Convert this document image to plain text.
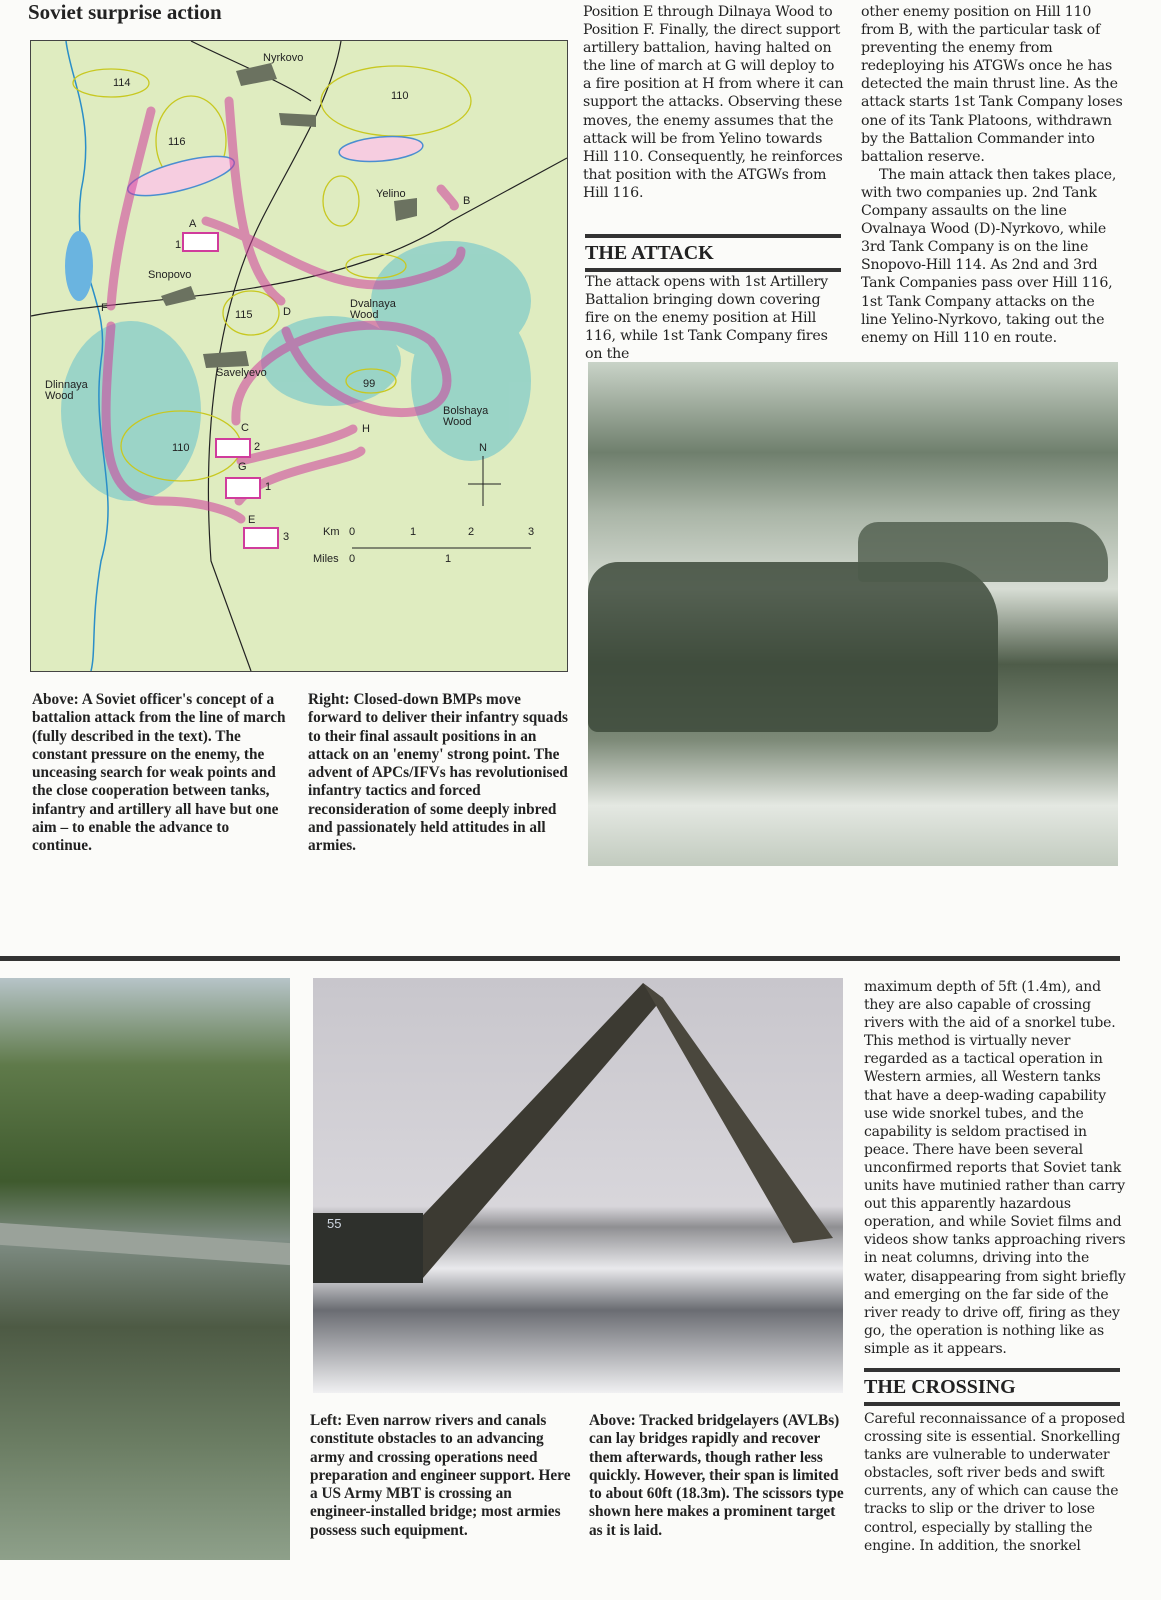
Soviet surprise action
Nyrkovo
114
110
116
Yelino
B
A
1
Snopovo
F
115	D
Dvalnaya
Wood
Savelyevo
Dlinnaya
Wood
99
Bolshaya
Wood
C	H
110	2
G
1
N
E
3	Km 0	1	2	3
Miles 0	1

Position E through Dilnaya Wood to Position F. Finally, the direct support artillery battalion, having halted on the line of march at G will deploy to a fire position at H from where it can support the attacks. Observing these moves, the enemy assumes that the attack will be from Yelino towards Hill 110. Consequently, he reinforces that position with the ATGWs from Hill 116.

THE ATTACK

The attack opens with 1st Artillery Battalion bringing down covering fire on the enemy position at Hill 116, while 1st Tank Company fires on the

other enemy position on Hill 110 from B, with the particular task of preventing the enemy from redeploying his ATGWs once he has detected the main thrust line. As the attack starts 1st Tank Company loses one of its Tank Platoons, withdrawn by the Battalion Commander into battalion reserve.

The main attack then takes place, with two companies up. 2nd Tank Company assaults on the line Ovalnaya Wood (D)-Nyrkovo, while 3rd Tank Company is on the line Snopovo-Hill 114. As 2nd and 3rd Tank Companies pass over Hill 116, 1st Tank Company attacks on the line Yelino-Nyrkovo, taking out the enemy on Hill 110 en route.

Above: A Soviet officer's concept of a battalion attack from the line of march (fully described in the text). The constant pressure on the enemy, the unceasing search for weak points and the close cooperation between tanks, infantry and artillery all have but one aim – to enable the advance to continue.
Right: Closed-down BMPs move forward to deliver their infantry squads to their final assault positions in an attack on an 'enemy' strong point. The advent of APCs/IFVs has revolutionised infantry tactics and forced reconsideration of some deeply inbred and passionately held attitudes in all armies.
55
Left: Even narrow rivers and canals constitute obstacles to an advancing army and crossing operations need preparation and engineer support. Here a US Army MBT is crossing an engineer-installed bridge; most armies possess such equipment.
Above: Tracked bridgelayers (AVLBs) can lay bridges rapidly and recover them afterwards, though rather less quickly. However, their span is limited to about 60ft (18.3m). The scissors type shown here makes a prominent target as it is laid.

maximum depth of 5ft (1.4m), and they are also capable of crossing rivers with the aid of a snorkel tube. This method is virtually never regarded as a tactical operation in Western armies, all Western tanks that have a deep-wading capability use wide snorkel tubes, and the capability is seldom practised in peace. There have been several unconfirmed reports that Soviet tank units have mutinied rather than carry out this apparently hazardous operation, and while Soviet films and videos show tanks approaching rivers in neat columns, driving into the water, disappearing from sight briefly and emerging on the far side of the river ready to drive off, firing as they go, the operation is nothing like as simple as it appears.

THE CROSSING

Careful reconnaissance of a proposed crossing site is essential. Snorkelling tanks are vulnerable to underwater obstacles, soft river beds and swift currents, any of which can cause the tracks to slip or the driver to lose control, especially by stalling the engine. In addition, the snorkel
